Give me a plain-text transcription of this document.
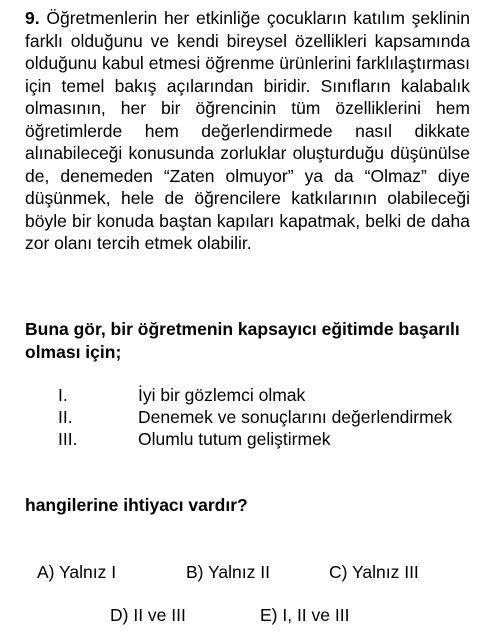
9. Öğretmenlerin her etkinliğe çocukların katılım şeklinin farklı olduğunu ve kendi bireysel özellikleri kapsamında olduğunu kabul etmesi öğrenme ürünlerini farklılaştırması için temel bakış açılarından biridir. Sınıfların kalabalık olmasının, her bir öğrencinin tüm özelliklerini hem öğretimlerde hem değerlendirmede nasıl dikkate alınabileceği konusunda zorluklar oluşturduğu düşünülse de, denemeden “Zaten olmuyor” ya da “Olmaz” diye düşünmek, hele de öğrencilere katkılarının olabileceği böyle bir konuda baştan kapıları kapatmak, belki de daha zor olanı tercih etmek olabilir.
Buna gör, bir öğretmenin kapsayıcı eğitimde başarılı olması için;
I.	İyi bir gözlemci olmak
II.	Denemek ve sonuçlarını değerlendirmek
III.	Olumlu tutum geliştirmek
hangilerine ihtiyacı vardır?
A) Yalnız I	B) Yalnız II	C) Yalnız III
D) II ve III	E) I, II ve III
